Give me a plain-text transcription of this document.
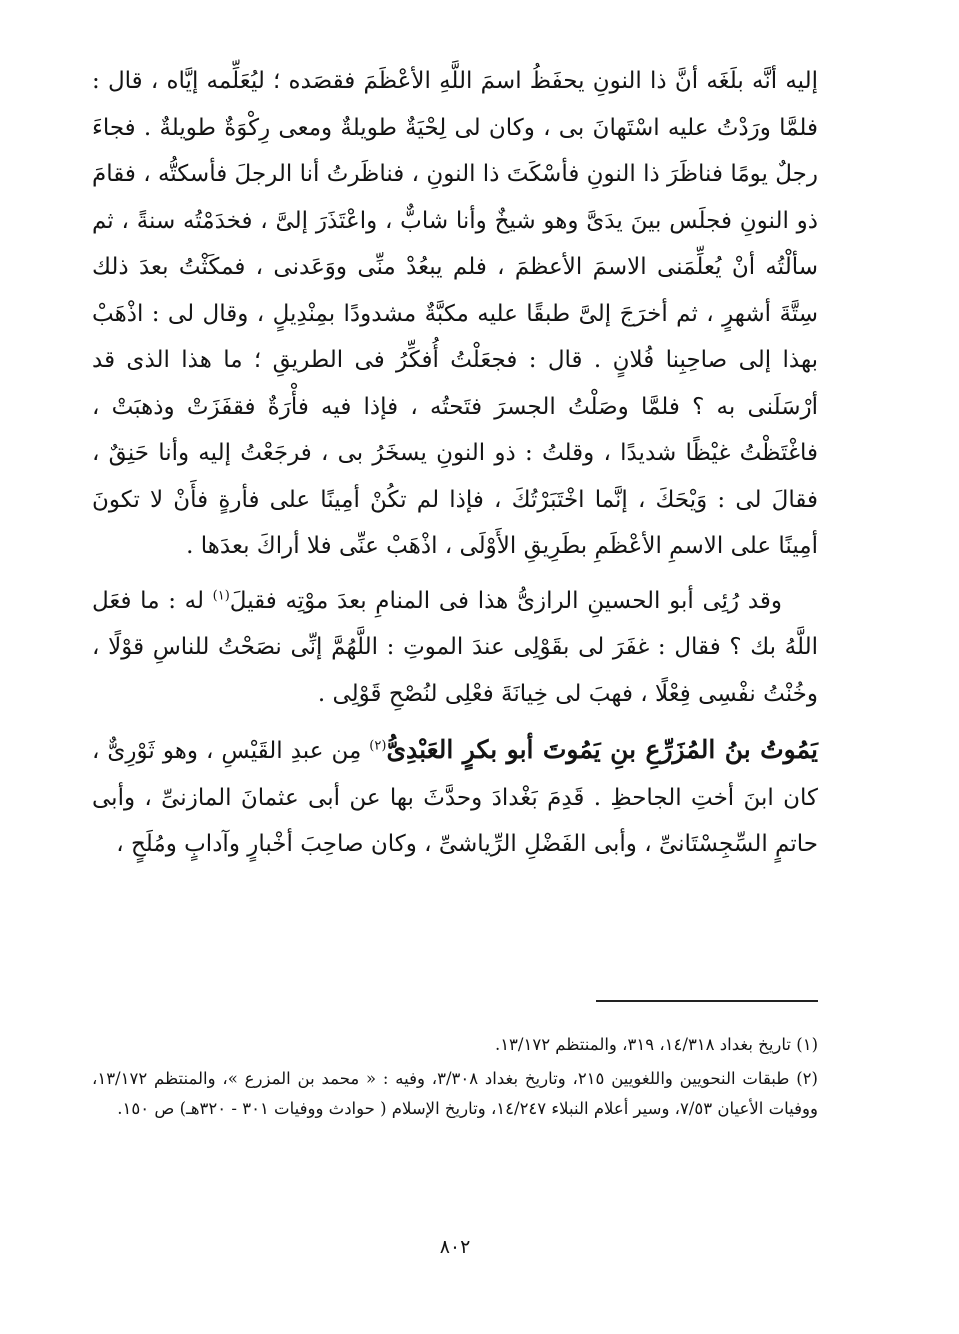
إليه أنَّه بلَغَه أنَّ ذا النونِ يحفَظُ اسمَ اللَّهِ الأعْظَمَ فقصَده ؛ ليُعَلِّمه إيَّاه ، قال : فلمَّا ورَدْتُ عليه اسْتَهانَ بى ، وكان لى لِحْيَةٌ طويلةٌ ومعى رِكْوَةٌ طويلةٌ . فجاءَ رجلٌ يومًا فناظَرَ ذا النونِ فأسْكَتَ ذا النونِ ، فناظَرتُ أنا الرجلَ فأسكتُّه ، فقامَ ذو النونِ فجلَس بينَ يدَىَّ وهو شيخٌ وأنا شابٌّ ، واعْتَذَرَ إلىَّ ، فخدَمْتُه سنةً ، ثم سألْتُه أنْ يُعلِّمَنى الاسمَ الأعظمَ ، فلم يبعُدْ منِّى ووَعَدنى ، فمكَثْتُ بعدَ ذلك سِتَّةَ أشهرٍ ، ثم أخرَجَ إلىَّ طبقًا عليه مكبَّةٌ مشدودًا بمِنْدِيلٍ ، وقال لى : اذْهَبْ بهذا إلى صاحِبِنا فُلانٍ . قال : فجعَلْتُ أُفكِّرُ فى الطريقِ ؛ ما هذا الذى قد أرْسَلَنى به ؟ فلمَّا وصَلْتُ الجسرَ فتَحتُه ، فإذا فيه فأْرَةٌ فقفَزَتْ وذهبَتْ ، فاغْتَظْتُ غيْظًا شديدًا ، وقلتُ : ذو النونِ يسخَرُ بى ، فرجَعْتُ إليه وأنا حَنِقٌ ، فقالَ لى : وَيْحَكَ ، إنَّما اخْتَبَرْتُكَ ، فإذا لم تكُنْ أمِينًا على فأرةٍ فأَنْ لا تكونَ أمِينًا على الاسمِ الأعْظَمِ بطَرِيقِ الأَوْلَى ، اذْهَبْ عنِّى فلا أراكَ بعدَها .

وقد رُئِى أبو الحسينِ الرازىُّ هذا فى المنامِ بعدَ موْتِه فقيلَ$^{(١)}$ له : ما فعَل اللَّهُ بك ؟ فقال : غفَرَ لى بقَوْلِى عندَ الموتِ : اللَّهُمَّ إنِّى نصَحْتُ للناسِ قوْلًا ، وخُنْتُ نفْسِى فِعْلًا ، فهبَ لى خِيانَةَ فعْلِى لنُصْحِ قَوْلِى .

يَمُوتُ بنُ المُزَرِّعِ بنِ يَمُوتَ أبو بكرٍ العَبْدِىُّ$^{(٢)}$ مِن عبدِ القَيْسِ ، وهو ثَوْرِىٌّ ، كان ابنَ أختِ الجاحظِ . قَدِمَ بَغْدادَ وحدَّثَ بها عن أبى عثمانَ المازنىِّ ، وأبى حاتمٍ السِّجِسْتَانىِّ ، وأبى الفَضْلِ الرِّياشىِّ ، وكان صاحِبَ أخْبارٍ وآدابٍ ومُلَحٍ ،

(١) تاريخ بغداد ١٤/٣١٨، ٣١٩، والمنتظم ١٣/١٧٢.

(٢) طبقات النحويين واللغويين ٢١٥، وتاريخ بغداد ٣/٣٠٨، وفيه : « محمد بن المزرع »، والمنتظم ١٣/١٧٢، ووفيات الأعيان ٧/٥٣، وسير أعلام النبلاء ١٤/٢٤٧، وتاريخ الإسلام ( حوادث ووفيات ٣٠١ - ٣٢٠هـ) ص ١٥٠.

٨٠٢
